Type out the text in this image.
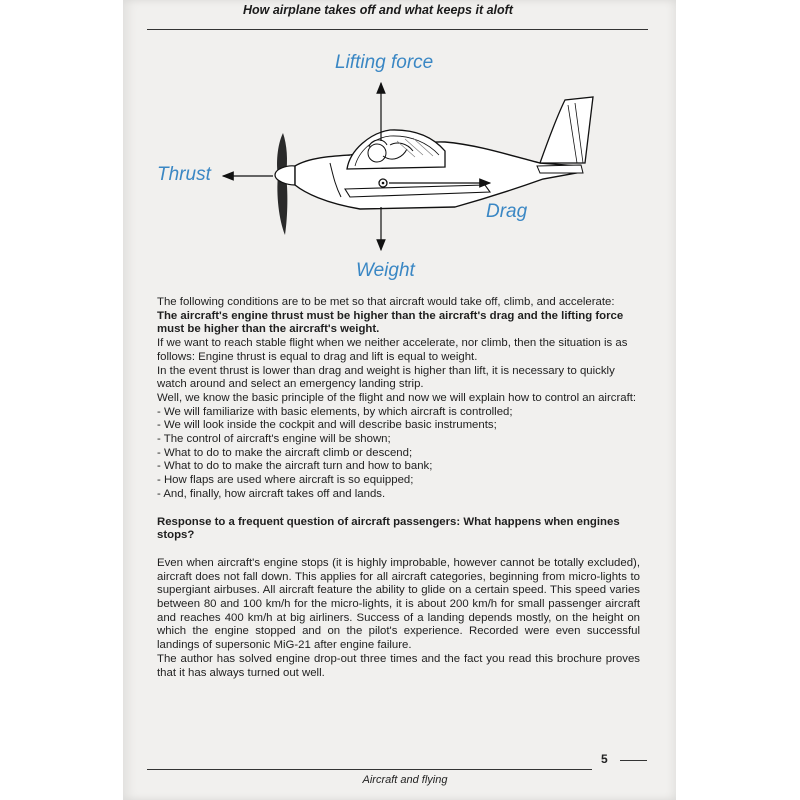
How airplane takes off and what keeps it aloft
Lifting force
Thrust
Drag
Weight

The following conditions are to be met so that aircraft would take off, climb, and accelerate:

The aircraft's engine thrust must be higher than the aircraft's drag and the lifting force must be higher than the aircraft's weight.

If we want to reach stable flight when we neither accelerate, nor climb, then the situation is as follows: Engine thrust is equal to drag and lift is equal to weight.

In the event thrust is lower than drag and weight is higher than lift, it is necessary to quickly watch around and select an emergency landing strip.

Well, we know the basic principle of the flight and now we will explain how to control an aircraft:

- We will familiarize with basic elements, by which aircraft is controlled;
- We will look inside the cockpit and will describe basic instruments;
- The control of aircraft's engine will be shown;
- What to do to make the aircraft climb or descend;
- What to do to make the aircraft turn and how to bank;
- How flaps are used where aircraft is so equipped;
- And, finally, how aircraft takes off and lands.

Response to a frequent question of aircraft passengers: What happens when engines stops?

Even when aircraft's engine stops (it is highly improbable, however cannot be totally excluded), aircraft does not fall down. This applies for all aircraft categories, beginning from micro-lights to supergiant airbuses. All aircraft feature the ability to glide on a certain speed. This speed varies between 80 and 100 km/h for the micro-lights, it is about 200 km/h for small passenger aircraft and reaches 400 km/h at big airliners. Success of a landing depends mostly, on the height on which the engine stopped and on the pilot's experience. Recorded were even successful landings of supersonic MiG-21 after engine failure.

The author has solved engine drop-out three times and the fact you read this brochure proves that it has always turned out well.

5
Aircraft and flying
